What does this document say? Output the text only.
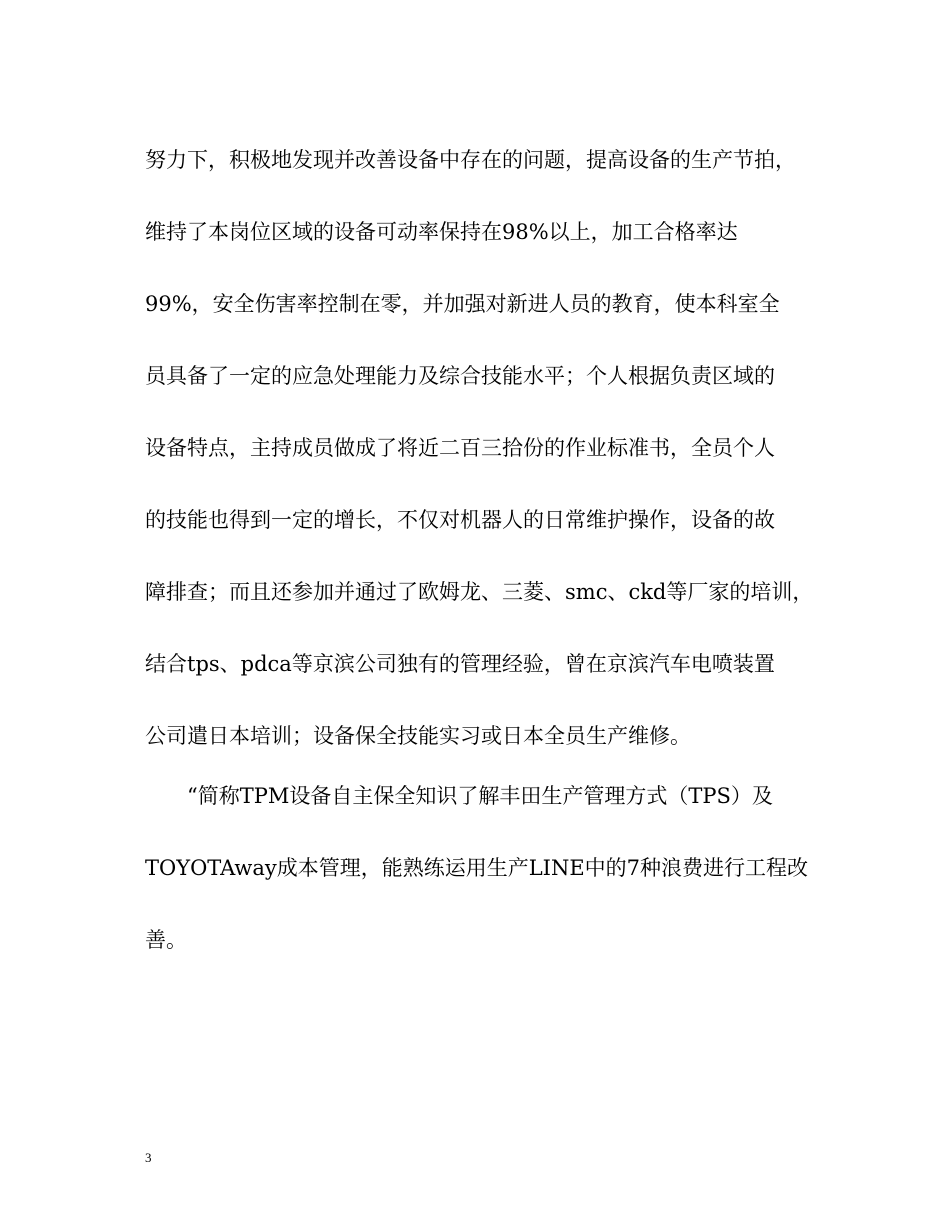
努力下，积极地发现并改善设备中存在的问题，提高设备的生产节拍，
维持了本岗位区域的设备可动率保持在98%以上，加工合格率达
99%，安全伤害率控制在零，并加强对新进人员的教育，使本科室全
员具备了一定的应急处理能力及综合技能水平；个人根据负责区域的
设备特点，主持成员做成了将近二百三拾份的作业标准书，全员个人
的技能也得到一定的增长，不仅对机器人的日常维护操作，设备的故
障排查；而且还参加并通过了欧姆龙、三菱、smc、ckd等厂家的培训，
结合tps、pdca等京滨公司独有的管理经验，曾在京滨汽车电喷装置
公司遣日本培训；设备保全技能实习或日本全员生产维修。
“简称TPM设备自主保全知识了解丰田生产管理方式（TPS）及
TOYOTAway成本管理，能熟练运用生产LINE中的7种浪费进行工程改
善。
3
